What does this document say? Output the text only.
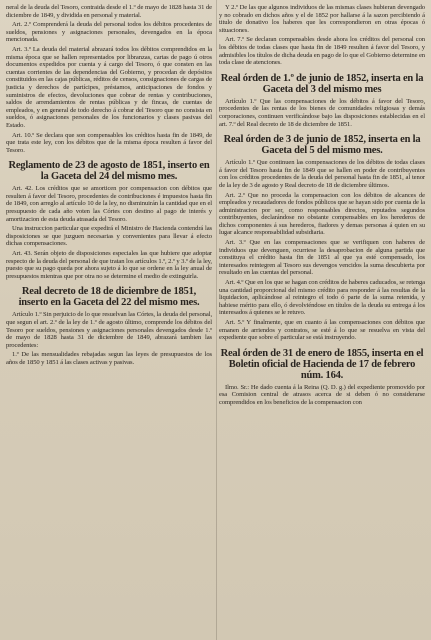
neral de la deuda del Tesoro, contraida desde el 1.º de mayo de 1828 hasta 31 de diciembre de 1849, y dividida en personal y material.

Art. 2.º Comprenderá la deuda del personal todos los débitos procedentes de sueldos, pensiones y asignaciones personales, devengados en la época mencionada.

Art. 3.º La deuda del material abrazará todos los débitos comprendidos en la misma época que se hallen representados por libranzas, cartas de pago ú otros documentos expedidos por cuenta y á cargo del Tesoro, ó que consten en las cuentas corrientes de las dependencias del Gobierno, y procedan de depósitos constituidos en las cajas públicas, réditos de censos, consignaciones de cargas de justicia y derechos de partícipes, préstamos, anticipaciones de fondos y suministros de efectos, devoluciones que cobrar de rentas y contribuciones, saldos de arrendamientos de rentas públicas y de fincas, de cuentas de empleados, y en general de todo derecho á cobrar del Tesoro que no consista en sueldos, ó asignaciones personales de los funcionarios y clases pasivas del Estado.

Art. 10.º Se declara que son compensables los créditos hasta fin de 1849, de que trata este ley, con los débitos que de la misma época resulten á favor del Tesoro.

Reglamento de 23 de agosto de 1851, inserto en la Gaceta del 24 del mismo mes.

Art. 42. Los créditos que se amorticen por compensacion con débitos que resulten á favor del Tesoro, procedentes de contribuciones é impuestos hasta fin de 1849, con arreglo al artículo 10 de la ley, no disminuirán la cantidad que en el presupuesto de cada año voten las Córtes con destino al pago de interés y amortizacion de esta deuda atrasada del Tesoro.

Una instruccion particular que expedirá el Ministro de Hacienda contendrá las disposiciones se que juzguen necesarias y convenientes para llevar á efecto dichas compensaciones.

Art. 43. Serán objeto de disposiciones especiales las que hubiere que adoptar respecto de la deuda del personal de que tratan los artículos 1.º, 2.º y 3.º de la ley, puesto que su pago queda por ahora sujeto á lo que se ordene en la ley anual de presupuestos mientras que por otra no se determine el medio de extinguirla.

Real decreto de 18 de diciembre de 1851, inserto en la Gaceta del 22 del mismo mes.

Artículo 1.º Sin perjuicio de lo que resuelvan las Córtes, la deuda del personal, que segun el art. 2.º de la ley de 1.º de agosto último, comprende los débitos del Tesoro por sueldos, pensiones y asignaciones personales devengados desde 1.º de mayo de 1828 hasta 31 de diciembre de 1849, abrazará tambien las procedentes:

1.º De las mensualidades rebajadas segun las leyes de presupuestos de los años de 1850 y 1851 á las clases activas y pasivas.

Y 2.º De las que algunos individuos de las mismas clases hubieran devengado y no cobrado en dichos años y el de 1852 por hallarse á la sazon percibiendo á titulo de donativo los haberes que les correspondieron en otras épocas ó situaciones.

Art. 7.º Se declaran compensables desde ahora los créditos del personal con los débitos de todas clases que hasta fin de 1849 resulten á favor del Tesoro, y admisibles los títulos de dicha deuda en pago de lo que el Gobierno determine en toda clase de atenciones.

Real órden de 1.º de junio de 1852, inserta en la Gaceta del 3 del mismo mes

Artículo 1.º Que las compensaciones de los débitos á favor del Tesoro, procedentes de las rentas de los bienes de comunidades religiosas y demás corporaciones, continuen verificándose bajo las disposiciones establecidas en el art. 7.º del Real decreto de 18 de diciembre de 1851.

Real órden de 3 de junio de 1852, inserta en la Gaceta del 5 del mismo mes.

Artículo 1.º Que continuen las compensaciones de los débitos de todas clases á favor del Tesoro hasta fin de 1849 que se hallen en poder de contribuyentes con los créditos procedentes de la deuda del personal hasta fin de 1851, al tenor de la ley de 3 de agosto y Real decreto de 18 de diciembre últimos.

Art. 2.º Que no proceda la compensacion con los débitos de alcances de empleados y recaudadores de fondos públicos que se hayan sido por cuenta de la administracion por ser, como responsables directos, reputados segundos contribuyentes, declarándose no obstante compensables en los herederos de dichos componentes á sus herederos, fiadores y demas personas á quien en su lugar alcance responsabilidad subsidiaria.

Art. 3.º Que en las compensaciones que se verifiquen con haberes de individuos que devenguen, ocurriese la desaprobacion de alguna partida que constituya el crédito hasta fin de 1851 al que ya esté compensado, los interesados reintegren al Tesoro sus devengos vencidos la suma descubierta por resultado en las cuentas del personal.

Art. 4.º Que en los que se hagan con créditos de haberes caducados, se retenga una cantidad proporcional del mismo crédito para responder á las resultas de la liquidacion, aplicándose al reintegro el todo ó parte de la suma retenida, y habiese mérito para ello, ó devolviéndose en títulos de la deuda su entrega á los interesados á quienes se le retuvo.

Art. 5.º Y finalmente, que en cuanto á las compensaciones con débitos que emanen de arriendos y contratos, se esté á lo que se resuelva en vista del expediente que sobre el particular se está instruyendo.

Real órden de 31 de enero de 1855, inserta en el Boletin oficial de Hacienda de 17 de febrero núm. 164.

Ilmo. Sr.: He dado cuenta á la Reina (Q. D. g.) del expediente promovido por esa Comision central de atrasos acerca de si deben ó no considerarse comprendidos en los beneficios de la compensacion con
